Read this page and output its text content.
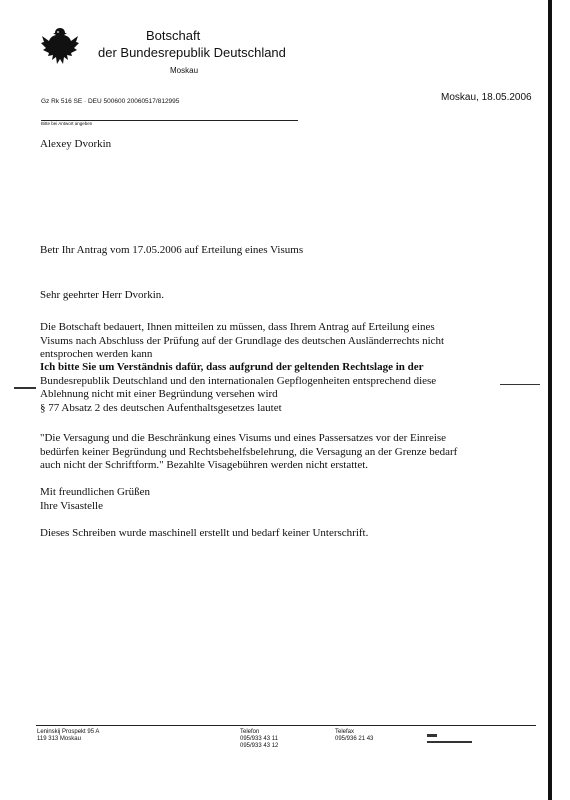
Botschaft
der Bundesrepublik Deutschland
Moskau
Moskau, 18.05.2006
Gz Rk 516 SE · DEU 500600 20060517/812995
Bitte bei Antwort angeben
Alexey Dvorkin
Betr Ihr Antrag vom 17.05.2006 auf Erteilung eines Visums
Sehr geehrter Herr Dvorkin.
Die Botschaft bedauert, Ihnen mitteilen zu müssen, dass Ihrem Antrag auf Erteilung eines
Visums nach Abschluss der Prüfung auf der Grundlage des deutschen Ausländerrechts nicht
entsprochen werden kann
Ich bitte Sie um Verständnis dafür, dass aufgrund der geltenden Rechtslage in der
Bundesrepublik Deutschland und den internationalen Gepflogenheiten entsprechend diese
Ablehnung nicht mit einer Begründung versehen wird
§ 77 Absatz 2 des deutschen Aufenthaltsgesetzes lautet
"Die Versagung und die Beschränkung eines Visums und eines Passersatzes vor der Einreise
bedürfen keiner Begründung und Rechtsbehelfsbelehrung, die Versagung an der Grenze bedarf
auch nicht der Schriftform." Bezahlte Visagebühren werden nicht erstattet.
Mit freundlichen Grüßen
Ihre Visastelle
Dieses Schreiben wurde maschinell erstellt und bedarf keiner Unterschrift.
Leninskij Prospekt 95 A
119 313 Moskau
Telefon
095/933 43 11
095/933 43 12
Telefax
095/936 21 43
